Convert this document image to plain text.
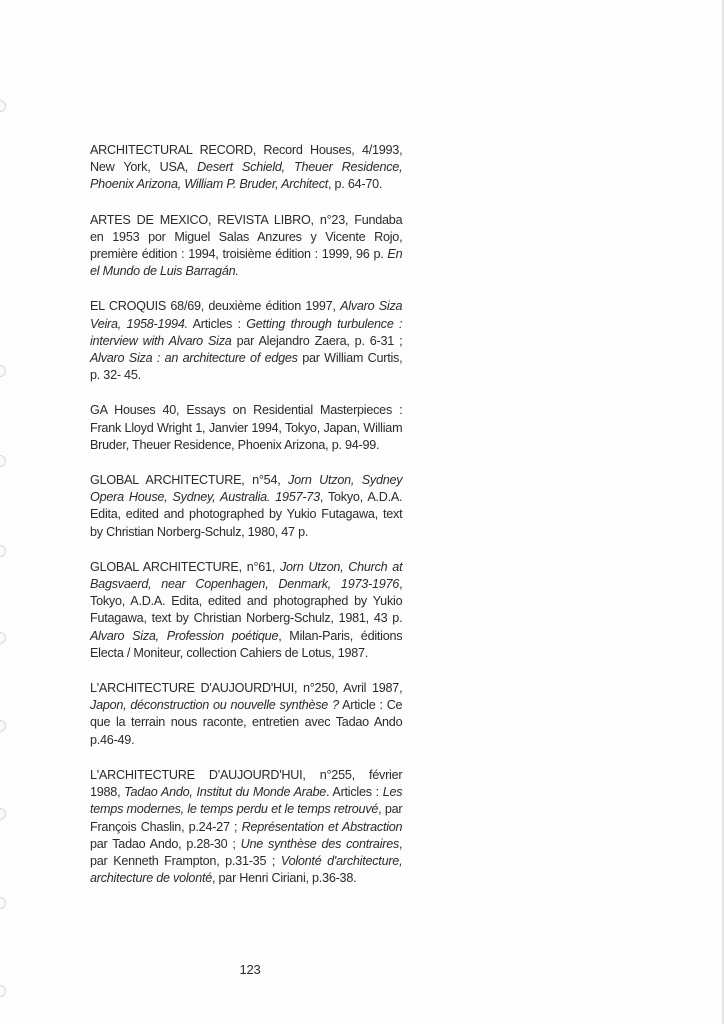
ARCHITECTURAL RECORD, Record Houses, 4/1993, New York, USA, Desert Schield, Theuer Residence, Phoenix Arizona, William P. Bruder, Architect, p. 64-70.

ARTES DE MEXICO, REVISTA LIBRO, n°23, Fundaba en 1953 por Miguel Salas Anzures y Vicente Rojo, première édition : 1994, troisième édition : 1999, 96 p. En el Mundo de Luis Barragán.

EL CROQUIS 68/69, deuxième édition 1997, Alvaro Siza Veira, 1958-1994. Articles : Getting through turbulence : interview with Alvaro Siza par Alejandro Zaera, p. 6-31 ; Alvaro Siza : an architecture of edges par William Curtis, p. 32- 45.

GA Houses 40, Essays on Residential Masterpieces : Frank Lloyd Wright 1, Janvier 1994, Tokyo, Japan, William Bruder, Theuer Residence, Phoenix Arizona, p. 94-99.

GLOBAL ARCHITECTURE, n°54, Jorn Utzon, Sydney Opera House, Sydney, Australia. 1957-73, Tokyo, A.D.A. Edita, edited and photographed by Yukio Futagawa, text by Christian Norberg-Schulz, 1980, 47 p.

GLOBAL ARCHITECTURE, n°61, Jorn Utzon, Church at Bagsvaerd, near Copenhagen, Denmark, 1973-1976, Tokyo, A.D.A. Edita, edited and photographed by Yukio Futagawa, text by Christian Norberg-Schulz, 1981, 43 p. Alvaro Siza, Profession poétique, Milan-Paris, éditions Electa / Moniteur, collection Cahiers de Lotus, 1987.

L'ARCHITECTURE D'AUJOURD'HUI, n°250, Avril 1987, Japon, déconstruction ou nouvelle synthèse ? Article : Ce que la terrain nous raconte, entretien avec Tadao Ando p.46-49.

L'ARCHITECTURE D'AUJOURD'HUI, n°255, février 1988, Tadao Ando, Institut du Monde Arabe. Articles : Les temps modernes, le temps perdu et le temps retrouvé, par François Chaslin, p.24-27 ; Représentation et Abstraction par Tadao Ando, p.28-30 ; Une synthèse des contraires, par Kenneth Frampton, p.31-35 ; Volonté d'architecture, architecture de volonté, par Henri Ciriani, p.36-38.

123
